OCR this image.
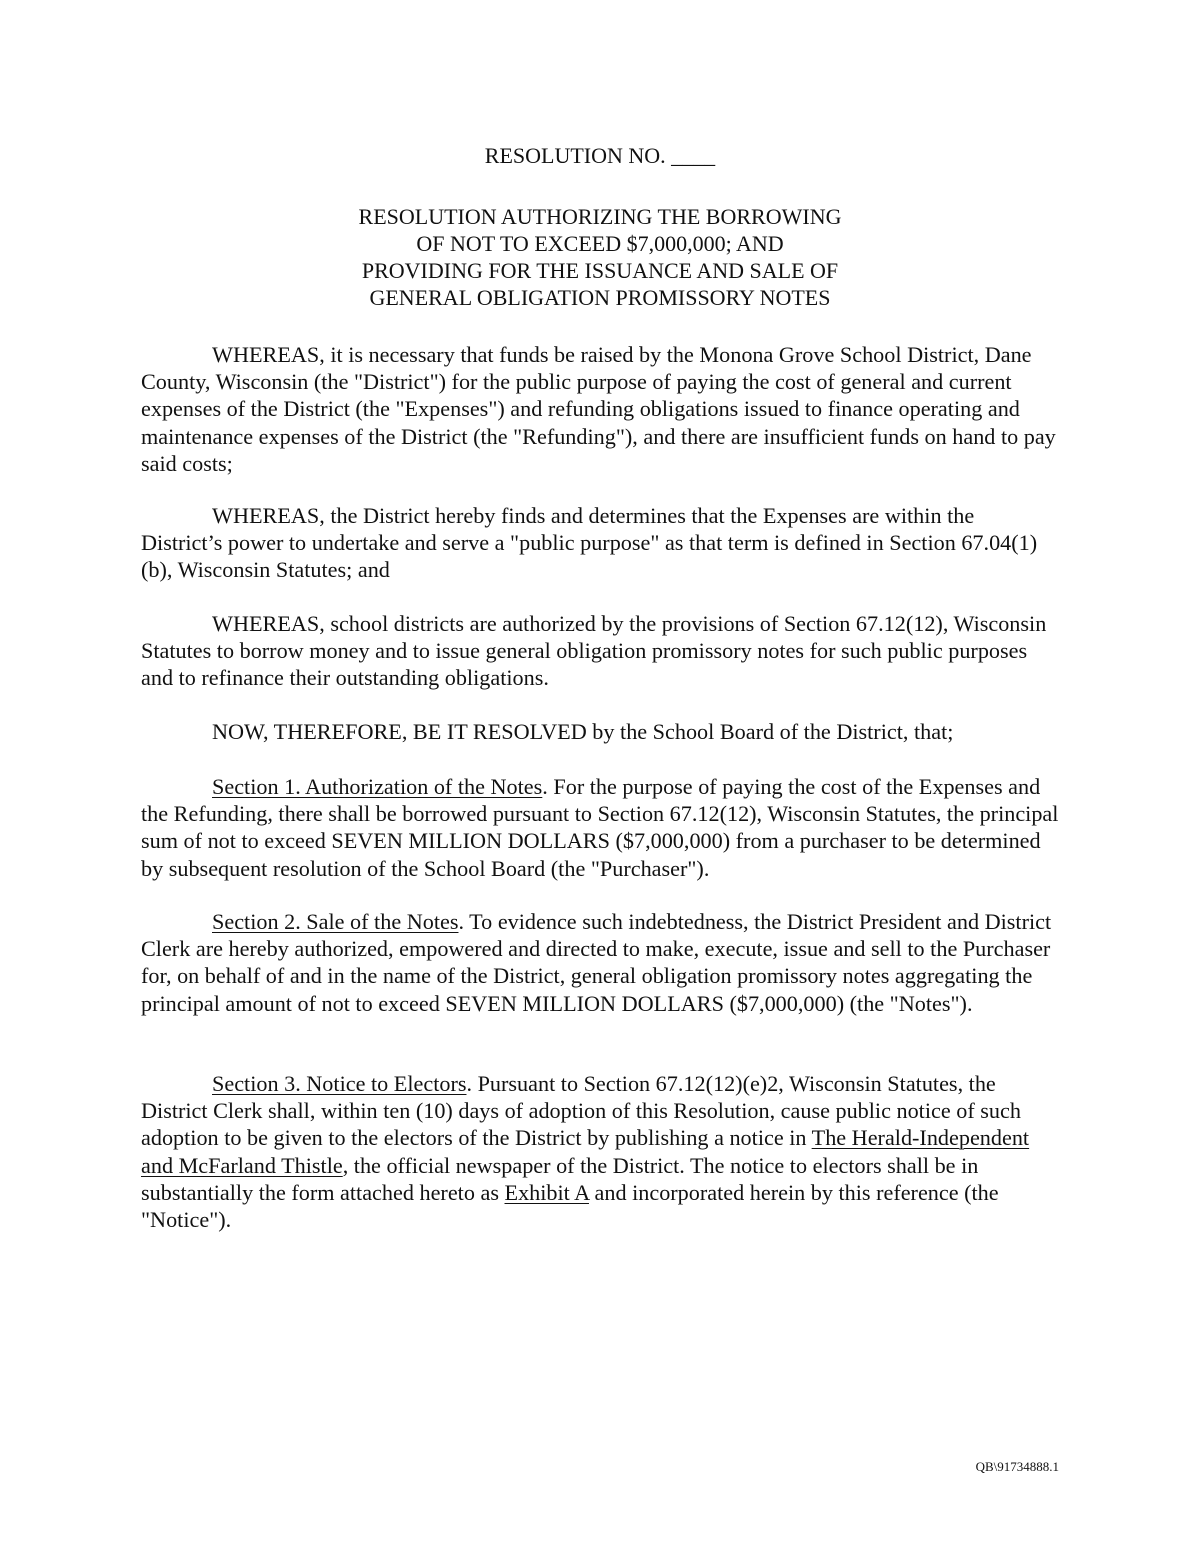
RESOLUTION NO. ____
RESOLUTION AUTHORIZING THE BORROWING
OF NOT TO EXCEED $7,000,000; AND
PROVIDING FOR THE ISSUANCE AND SALE OF
GENERAL OBLIGATION PROMISSORY NOTES

WHEREAS, it is necessary that funds be raised by the Monona Grove School District, Dane County, Wisconsin (the "District") for the public purpose of paying the cost of general and current expenses of the District (the "Expenses") and refunding obligations issued to finance operating and maintenance expenses of the District (the "Refunding"), and there are insufficient funds on hand to pay said costs;

WHEREAS, the District hereby finds and determines that the Expenses are within the District’s power to undertake and serve a "public purpose" as that term is defined in Section 67.04(1)(b), Wisconsin Statutes; and

WHEREAS, school districts are authorized by the provisions of Section 67.12(12), Wisconsin Statutes to borrow money and to issue general obligation promissory notes for such public purposes and to refinance their outstanding obligations.

NOW, THEREFORE, BE IT RESOLVED by the School Board of the District, that;

Section 1. Authorization of the Notes. For the purpose of paying the cost of the Expenses and the Refunding, there shall be borrowed pursuant to Section 67.12(12), Wisconsin Statutes, the principal sum of not to exceed SEVEN MILLION DOLLARS ($7,000,000) from a purchaser to be determined by subsequent resolution of the School Board (the "Purchaser").

Section 2. Sale of the Notes. To evidence such indebtedness, the District President and District Clerk are hereby authorized, empowered and directed to make, execute, issue and sell to the Purchaser for, on behalf of and in the name of the District, general obligation promissory notes aggregating the principal amount of not to exceed SEVEN MILLION DOLLARS ($7,000,000) (the "Notes").

Section 3. Notice to Electors. Pursuant to Section 67.12(12)(e)2, Wisconsin Statutes, the District Clerk shall, within ten (10) days of adoption of this Resolution, cause public notice of such adoption to be given to the electors of the District by publishing a notice in The Herald-Independent and McFarland Thistle, the official newspaper of the District. The notice to electors shall be in substantially the form attached hereto as Exhibit A and incorporated herein by this reference (the "Notice").

QB\91734888.1
